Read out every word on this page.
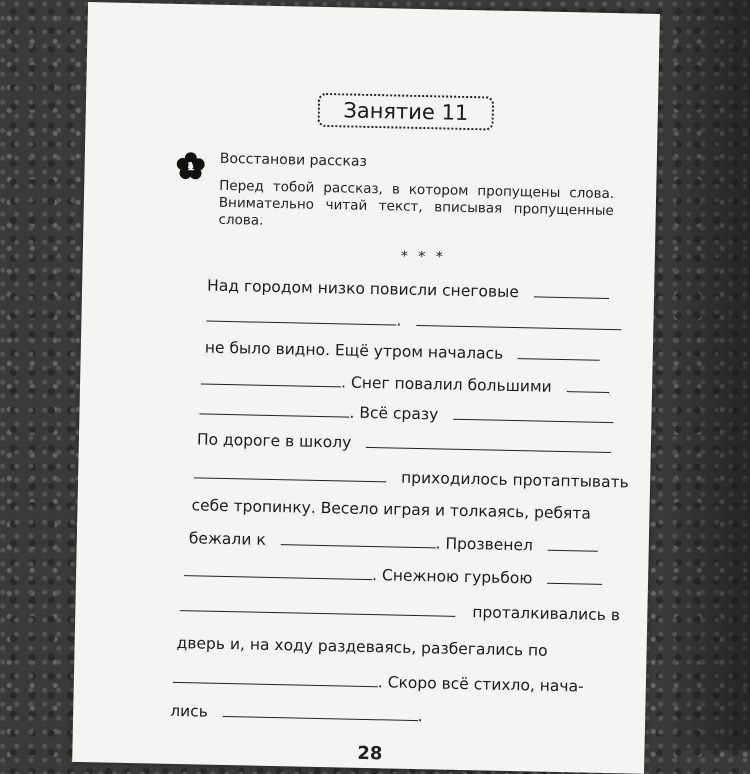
Занятие 11
1 Восстанови рассказ
Перед тобой рассказ, в котором пропущены слова. Внимательно читай текст, вписывая пропущенные слова.
* * *
Над городом низко повисли снеговые
.
не было видно. Ещё утром началась
. Снег повалил большими
. Всё сразу
По дороге в школу
приходилось протаптывать
себе тропинку. Весело играя и толкаясь, ребята
бежали к	. Прозвенел
. Снежною гурьбою
проталкивались в
дверь и, на ходу раздеваясь, разбегались по
. Скоро всё стихло, нача-
лись	.
28
